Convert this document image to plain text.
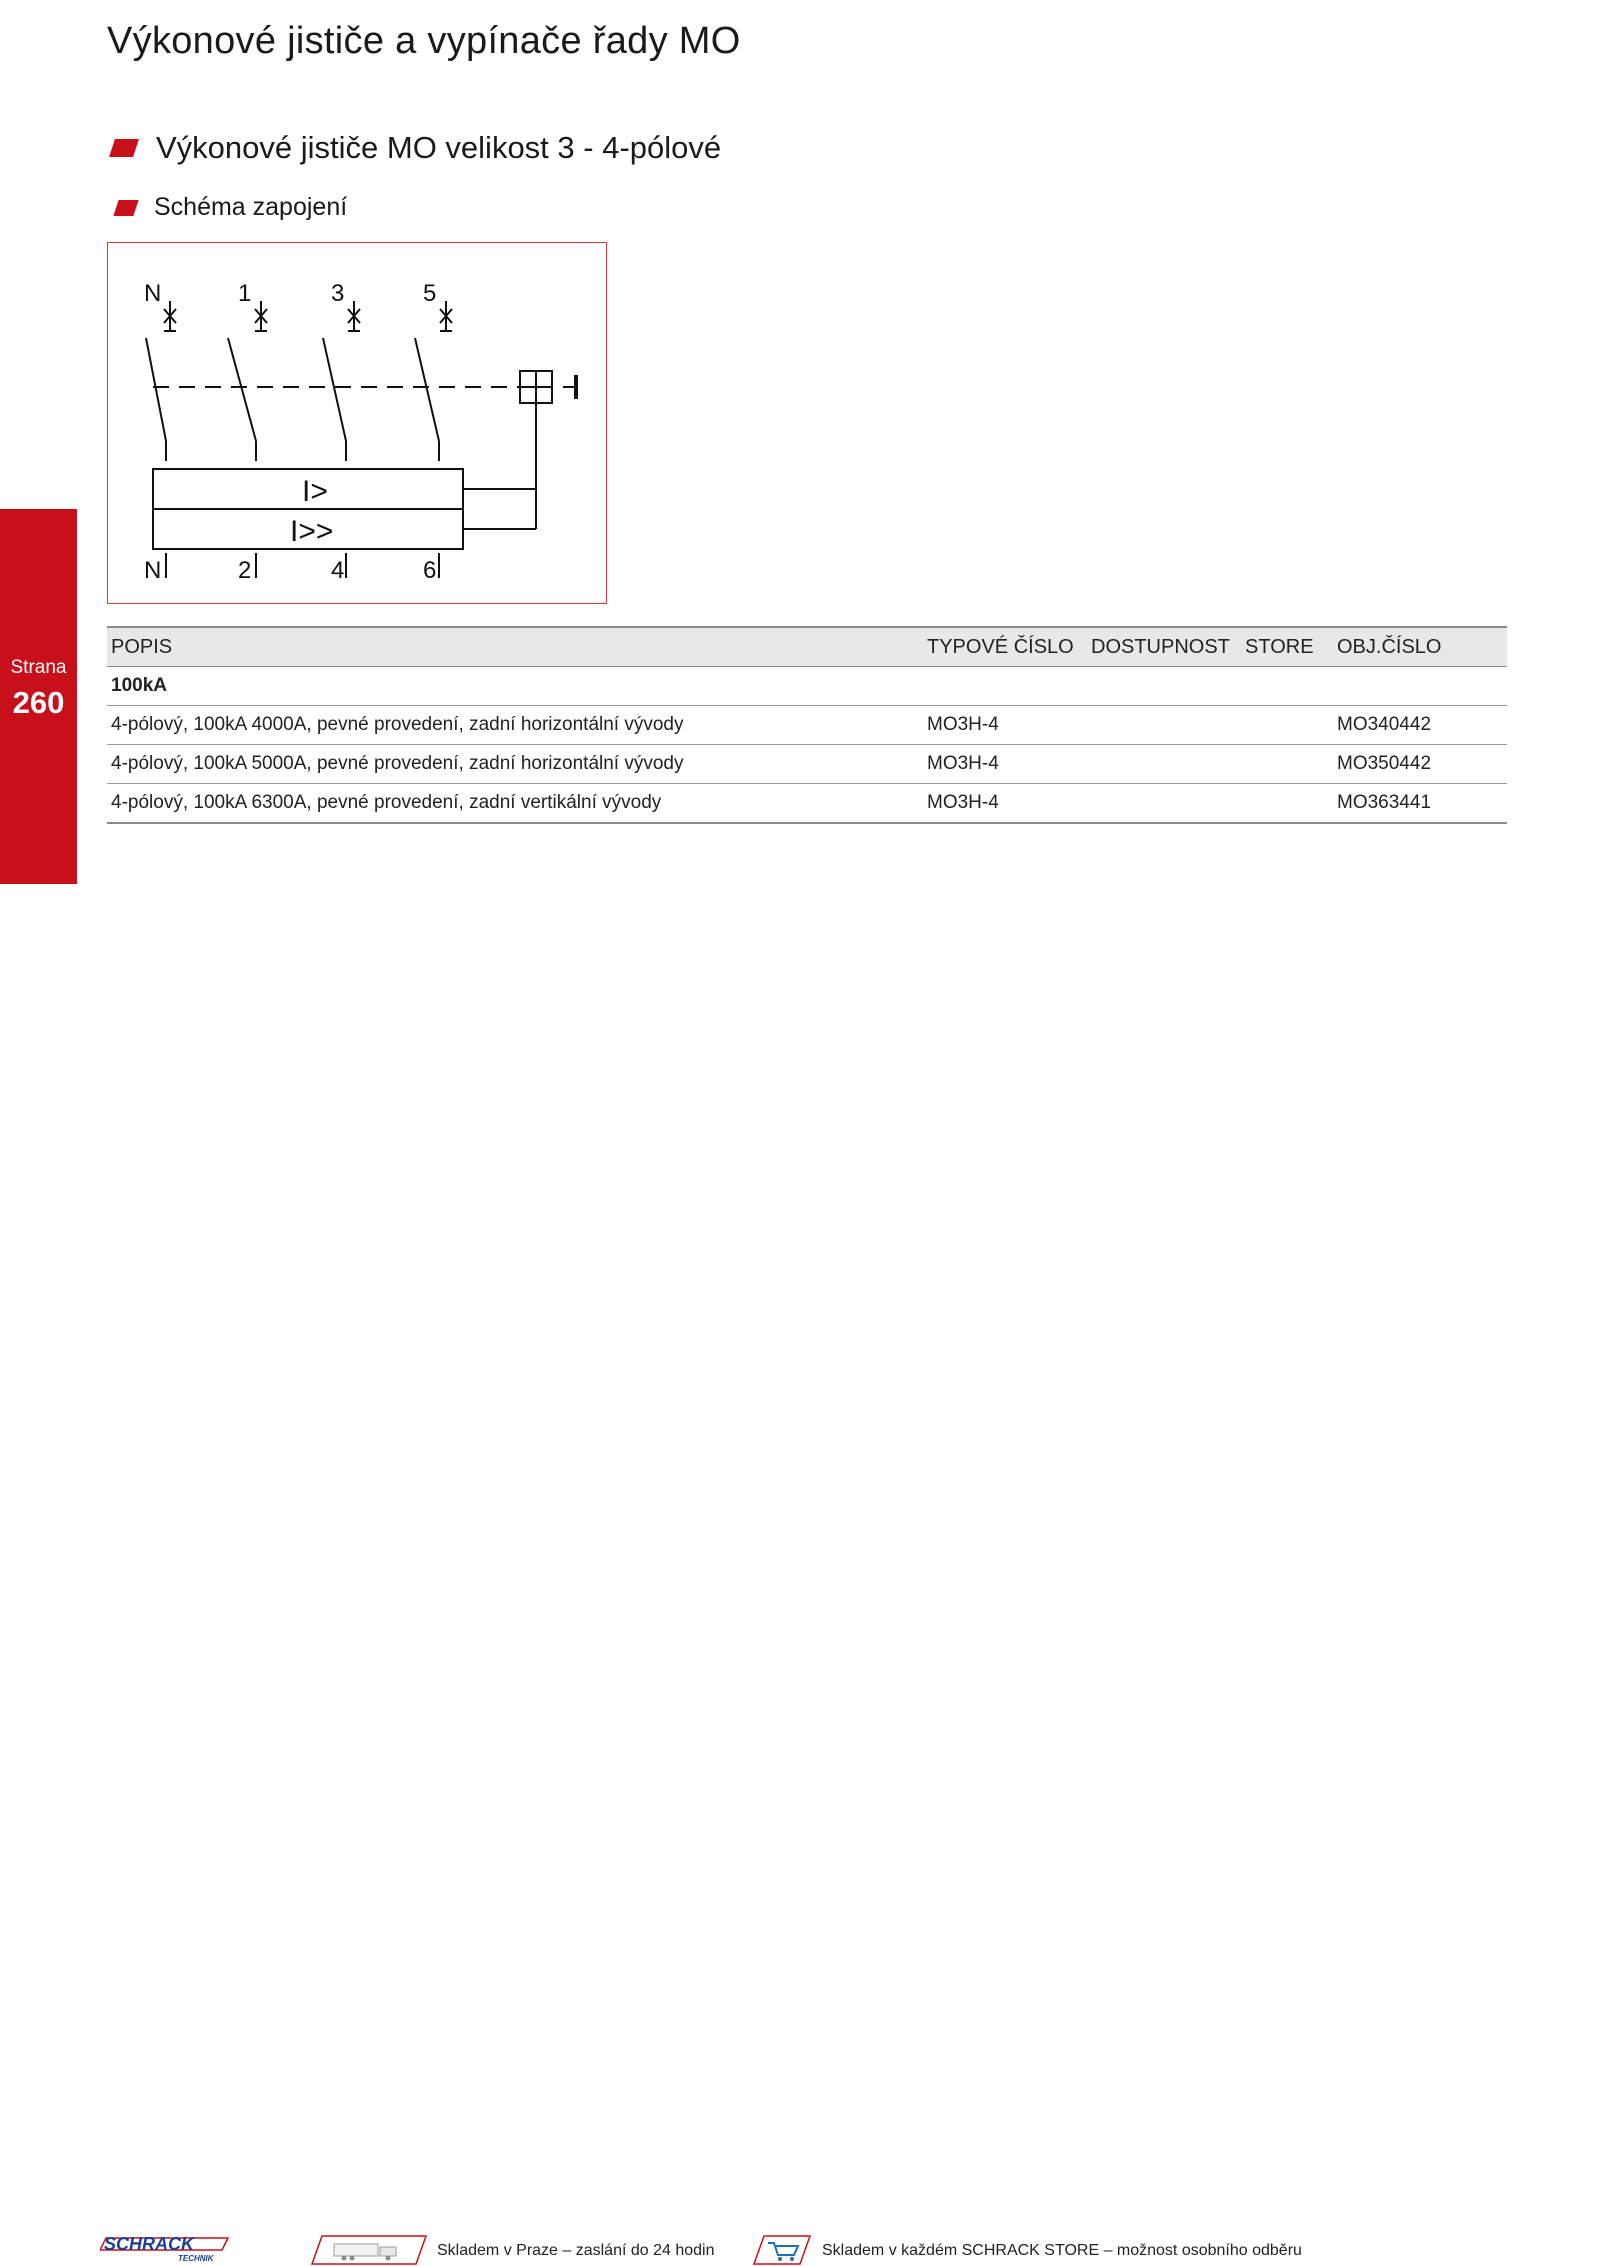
Výkonové jističe a vypínače řady MO
Výkonové jističe MO velikost 3 - 4-pólové
Schéma zapojení
N	1	3	5
N	2	4	6
I>
I>>
Strana
260
POPIS	TYPOVÉ ČÍSLO	DOSTUPNOST	STORE	OBJ.ČÍSLO
100kA				
4-pólový, 100kA 4000A, pevné provedení, zadní horizontální vývody	MO3H-4			MO340442
4-pólový, 100kA 5000A, pevné provedení, zadní horizontální vývody	MO3H-4			MO350442
4-pólový, 100kA 6300A, pevné provedení, zadní vertikální vývody	MO3H-4			MO363441
SCHRACK
TECHNIK	Skladem v Praze – zaslání do 24 hodin	Skladem v každém SCHRACK STORE – možnost osobního odběru
